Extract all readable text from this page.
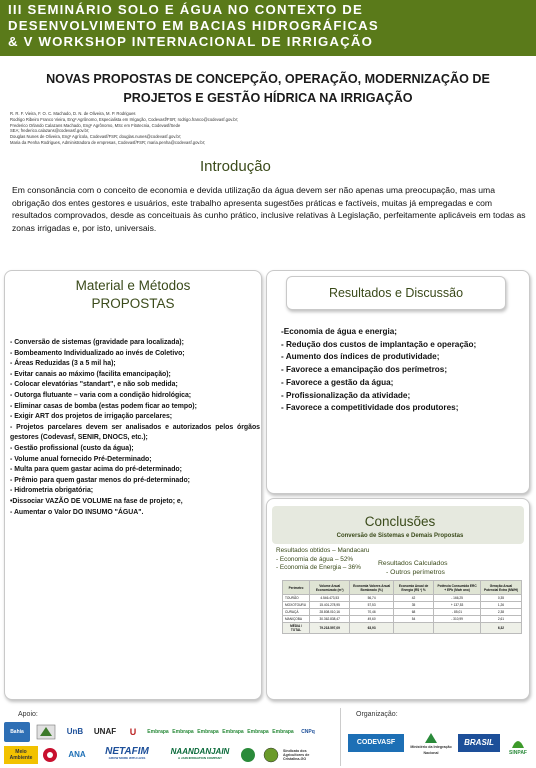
III SEMINÁRIO SOLO E ÁGUA NO CONTEXTO DE
DESENVOLVIMENTO EM BACIAS HIDROGRÁFICAS
& V WORKSHOP INTERNACIONAL DE IRRIGAÇÃO
NOVAS PROPOSTAS DE CONCEPÇÃO, OPERAÇÃO, MODERNIZAÇÃO DE
PROJETOS E GESTÃO HÍDRICA NA IRRIGAÇÃO
R. R. F. Vieira, F. O. C. Machado, D. N. de Oliveira, M. P. Rodrigues
Rodrigo Ribeiro Franco Vieira, Engº Agrônomo, Especialista em Irrigação, Codevasf/FSR; rodrigo.franco@codevasf.gov.br;
Frederico Orlando Calazans Machado, Engº Agrônomo, MSc em Fitotecnia, Codevasf/Sede
SEA; frederico.calazans@codevasf.gov.br;
Douglas Nunes de Oliveira, Engº Agrícola, Codevasf/FSR; douglas.nunes@codevasf.gov.br;
Maria da Penha Rodrigues, Administradora de empresas, Codevasf/FSR; maria.penha@codevasf.gov.br;
Introdução
Em consonância com o conceito de economia e devida utilização da água devem ser não apenas uma preocupação, mas uma obrigação dos entes gestores e usuários, este trabalho apresenta sugestões práticas e factíveis, muitas já empregadas e com resultados comprovados, desde as conceituais às cunho prático, inclusive relativas à Legislação, perfeitamente aplicáveis em todas as zonas irrigadas e, por isto, universais.
Material e Métodos
PROPOSTAS
- Conversão de sistemas (gravidade para localizada);
- Bombeamento Individualizado ao invés de Coletivo;
- Áreas Reduzidas (3 a 5 mil ha);
- Evitar canais ao máximo (facilita emancipação);
- Colocar elevatórias "standart", e não sob medida;
- Outorga flutuante – varia com a condição hidrológica;
- Eliminar casas de bomba (estas podem ficar ao tempo);
- Exigir ART dos projetos de irrigação parcelares;
- Projetos parcelares devem ser analisados e autorizados pelos órgãos gestores (Codevasf, SENIR, DNOCS, etc.);
- Gestão profissional (custo da água);
- Volume anual fornecido Pré-Determinado;
- Multa para quem gastar acima do pré-determinado;
- Prêmio para quem gastar menos do pré-determinado;
- Hidrometria obrigatória;
•Dissociar VAZÃO DE VOLUME na fase de projeto; e,
- Aumentar o Valor DO INSUMO "ÁGUA".
Resultados e Discussão
-Economia de água e energia;
- Redução dos custos de implantação e operação;
- Aumento dos índices de produtividade;
- Favorece a emancipação dos perímetros;
- Favorece a gestão da água;
- Profissionalização da atividade;
- Favorece a competitividade dos produtores;
Conclusões
Conversão de Sistemas e Demais Propostas
Resultados obtidos – Mandacaru
- Economia de água – 52%
- Economia de Energia – 36%
Resultados Calculados
- Outros perímetros
Perímetro	Volume Anual Economizado (m³)	Economia Valores Anual Bombeado (%)	Economia Anual de Energia (R$ ¹) %	Potência Consumida ERC + EPb (Mwh ano)	Geração Anual Potencial Extra (MWH)
TOURÃO	4.546.473,53	56,74	42	- 166,25	0,35
MOXOTOURU	15.401.278,95	57,53	35	+ 137,53	1,26
CURAÇÁ	28.808.010,16	70,46	68	- 85,01	2,38
MANIÇOBA	30.362.838,47	49,60	54	- 310,99	2,61
MÉDIA / TOTAL	79.218.597,09	63,93			6,32
Apoio:	Organização:
Bahia	UnB UNAF	U	Embrapa Embrapa Embrapa Embrapa Embrapa Embrapa CNPq
Meio Ambiente	ANA NETAFIM
GROW MORE WITH LESS
NAANDANJAIN
A JAIN IRRIGATION COMPANY
Sindicato dos Agricultores de Cristalina-GO
CODEVASF
Ministério da Integração Nacional
BRASIL
SINPAF
